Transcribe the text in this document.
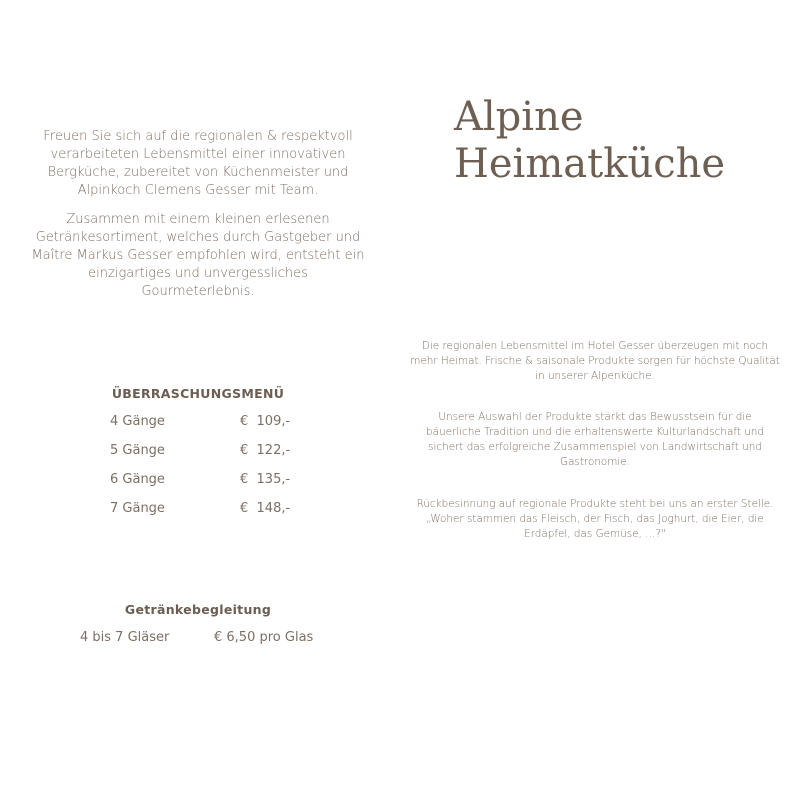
Freuen Sie sich auf die regionalen & respektvoll verarbeiteten Lebensmittel einer innovativen Bergküche, zubereitet von Küchenmeister und Alpinkoch Clemens Gesser mit Team.

Zusammen mit einem kleinen erlesenen Getränkesortiment, welches durch Gastgeber und Maître Markus Gesser empfohlen wird, entsteht ein einzigartiges und unvergessliches Gourmeterlebnis.

ÜBERRASCHUNGSMENÜ
4 Gänge	€  109,-
5 Gänge	€  122,-
6 Gänge	€  135,-
7 Gänge	€  148,-
Getränkebegleitung
4 bis 7 Gläser	€ 6,50 pro Glas
Alpine
Heimatküche

Die regionalen Lebensmittel im Hotel Gesser überzeugen mit noch mehr Heimat. Frische & saisonale Produkte sorgen für höchste Qualität in unserer Alpenküche.

Unsere Auswahl der Produkte stärkt das Bewusstsein für die bäuerliche Tradition und die erhaltenswerte Kulturlandschaft und sichert das erfolgreiche Zusammenspiel von Landwirtschaft und Gastronomie.

Rückbesinnung auf regionale Produkte steht bei uns an erster Stelle. „Woher stammen das Fleisch, der Fisch, das Joghurt, die Eier, die Erdäpfel, das Gemüse, …?"
